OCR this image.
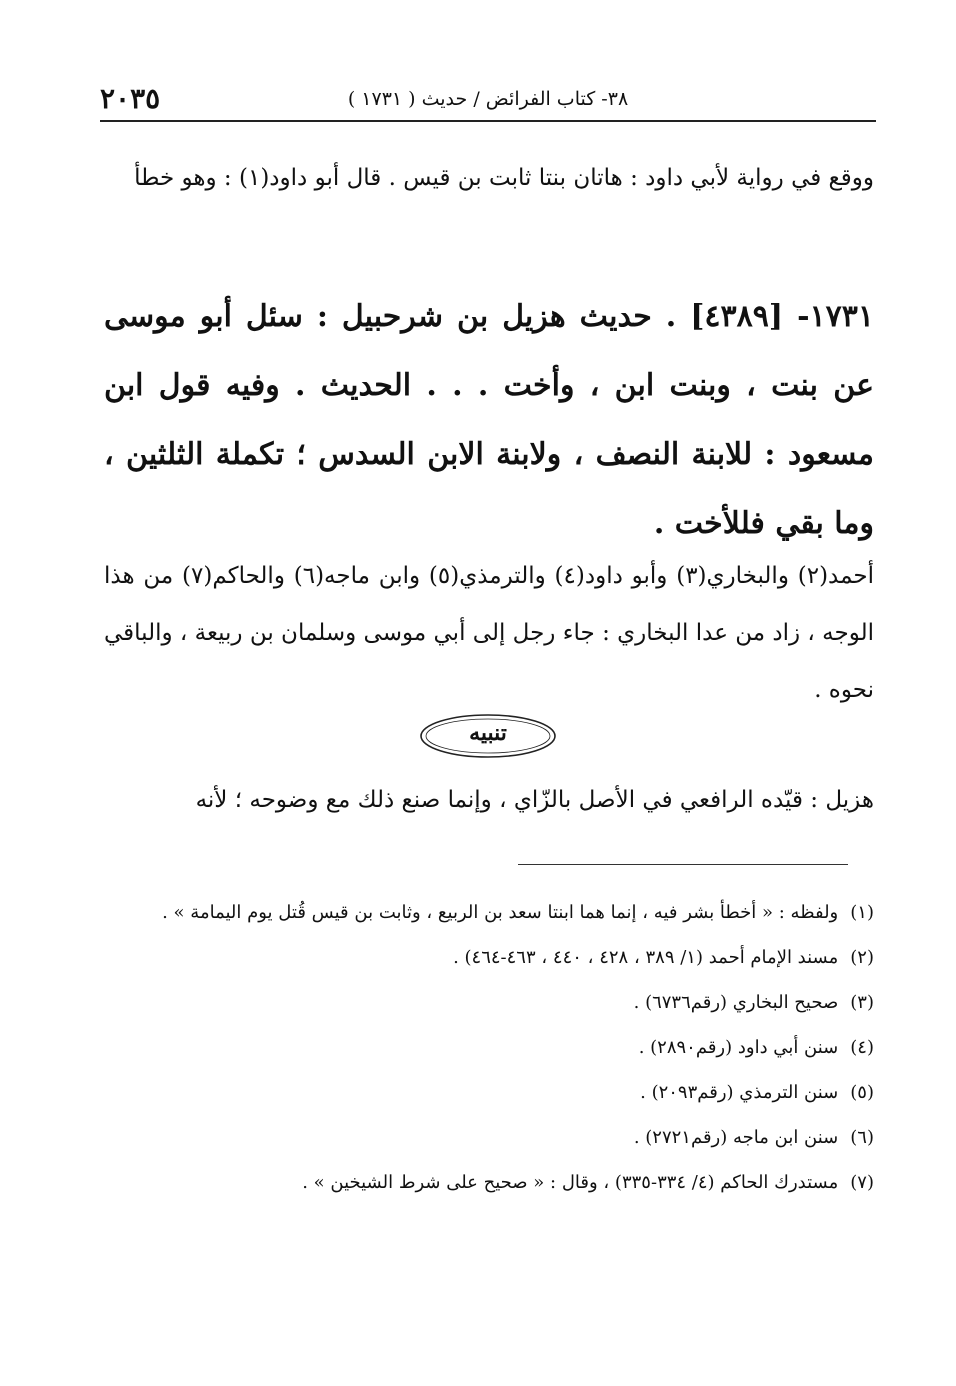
٢٠٣٥	٣٨- كتاب الفرائض / حديث ( ١٧٣١ )

ووقع في رواية لأبي داود : هاتان بنتا ثابت بن قيس . قال أبو داود(١) : وهو خطأ

١٧٣١- [٤٣٨٩] . حديث هزيل بن شرحبيل : سئل أبو موسى عن بنت ، وبنت ابن ، وأخت . . . الحديث . وفيه قول ابن مسعود : للابنة النصف ، ولابنة الابن السدس ؛ تكملة الثلثين ، وما بقي فللأخت .

أحمد(٢) والبخاري(٣) وأبو داود(٤) والترمذي(٥) وابن ماجه(٦) والحاكم(٧) من هذا الوجه ، زاد من عدا البخاري : جاء رجل إلى أبي موسى وسلمان بن ربيعة ، والباقي نحوه .

تنبيه

هزيل : قيّده الرافعي في الأصل بالزّاي ، وإنما صنع ذلك مع وضوحه ؛ لأنه

(١)ولفظه : « أخطأ بشر فيه ، إنما هما ابنتا سعد بن الربيع ، وثابت بن قيس قُتل يوم اليمامة » .
(٢)مسند الإمام أحمد (١/ ٣٨٩ ، ٤٢٨ ، ٤٤٠ ، ٤٦٣-٤٦٤) .
(٣)صحيح البخاري (رقم٦٧٣٦) .
(٤)سنن أبي داود (رقم٢٨٩٠) .
(٥)سنن الترمذي (رقم٢٠٩٣) .
(٦)سنن ابن ماجه (رقم٢٧٢١) .
(٧)مستدرك الحاكم (٤/ ٣٣٤-٣٣٥) ، وقال : « صحيح على شرط الشيخين » .
